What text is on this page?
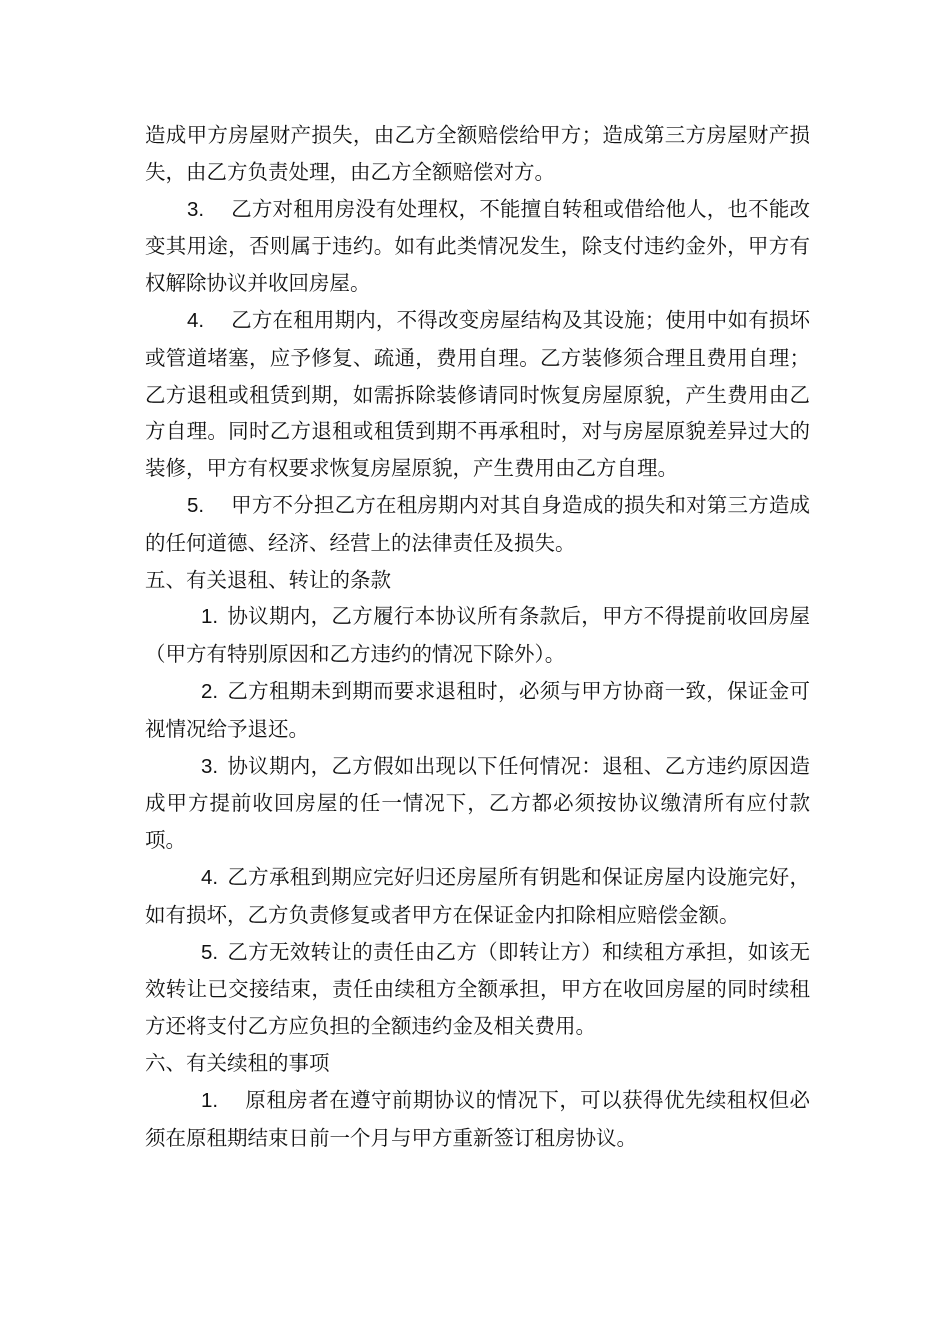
造成甲方房屋财产损失，由乙方全额赔偿给甲方；造成第三方房屋财产损失，由乙方负责处理，由乙方全额赔偿对方。

3. 乙方对租用房没有处理权，不能擅自转租或借给他人，也不能改变其用途，否则属于违约。如有此类情况发生，除支付违约金外，甲方有权解除协议并收回房屋。

4. 乙方在租用期内，不得改变房屋结构及其设施；使用中如有损坏或管道堵塞，应予修复、疏通，费用自理。乙方装修须合理且费用自理；乙方退租或租赁到期，如需拆除装修请同时恢复房屋原貌，产生费用由乙方自理。同时乙方退租或租赁到期不再承租时，对与房屋原貌差异过大的装修，甲方有权要求恢复房屋原貌，产生费用由乙方自理。

5. 甲方不分担乙方在租房期内对其自身造成的损失和对第三方造成的任何道德、经济、经营上的法律责任及损失。

五、有关退租、转让的条款

1. 协议期内，乙方履行本协议所有条款后，甲方不得提前收回房屋（甲方有特别原因和乙方违约的情况下除外）。

2. 乙方租期未到期而要求退租时，必须与甲方协商一致，保证金可视情况给予退还。

3. 协议期内，乙方假如出现以下任何情况：退租、乙方违约原因造成甲方提前收回房屋的任一情况下，乙方都必须按协议缴清所有应付款项。

4. 乙方承租到期应完好归还房屋所有钥匙和保证房屋内设施完好，如有损坏，乙方负责修复或者甲方在保证金内扣除相应赔偿金额。

5. 乙方无效转让的责任由乙方（即转让方）和续租方承担，如该无效转让已交接结束，责任由续租方全额承担，甲方在收回房屋的同时续租方还将支付乙方应负担的全额违约金及相关费用。

六、有关续租的事项

1. 原租房者在遵守前期协议的情况下，可以获得优先续租权但必须在原租期结束日前一个月与甲方重新签订租房协议。
